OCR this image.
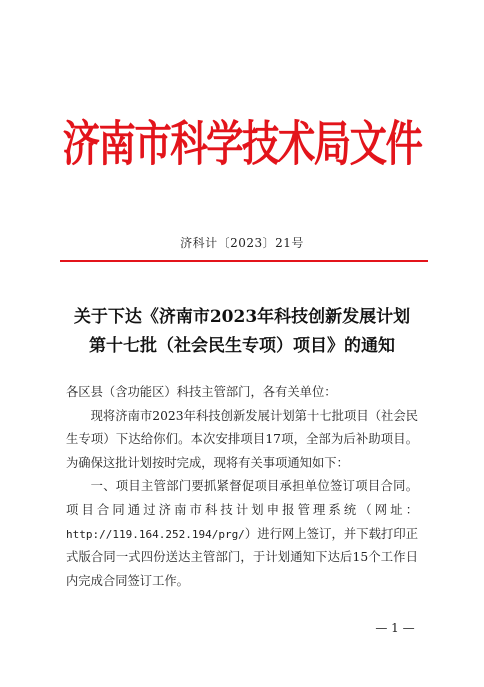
济南市科学技术局文件
济科计〔2023〕21号
关于下达《济南市2023年科技创新发展计划
第十七批（社会民生专项）项目》的通知

各区县（含功能区）科技主管部门，各有关单位：

现将济南市2023年科技创新发展计划第十七批项目（社会民生专项）下达给你们。本次安排项目17项，全部为后补助项目。为确保这批计划按时完成，现将有关事项通知如下：

一、项目主管部门要抓紧督促项目承担单位签订项目合同。项目合同通过济南市科技计划申报管理系统（网址：http://119.164.252.194/prg/）进行网上签订，并下载打印正式版合同一式四份送达主管部门，于计划通知下达后15个工作日内完成合同签订工作。

— 1 —
